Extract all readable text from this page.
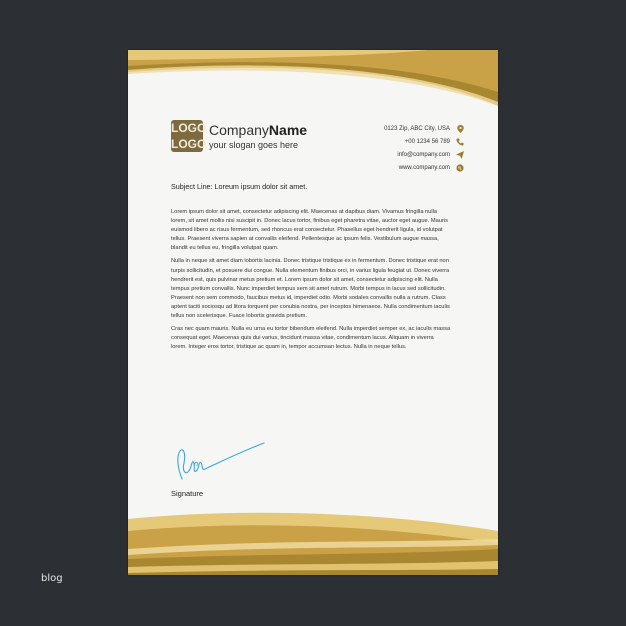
LO GO
LO GO
CompanyName
your slogan goes here
0123 Zip, ABC City, USA
+00 1234 56 789
info@company.com
www.company.com
Subject Line: Loreum ipsum dolor sit amet.

Lorem ipsum dolor sit amet, consectetur adipiscing elit. Maecenas at dapibus diam. Vivamus fringilla nulla lorem, sit amet mollis nisi suscipit in. Donec lacus tortor, finibus eget pharetra vitae, auctor eget augue. Mauris euismod libero ac risus fermentum, sed rhoncus erat consectetur. Phasellus eget hendrerit ligula, id volutpat tellus. Praesent viverra sapien at convallis eleifend. Pellentesque ac ipsum felis. Vestibulum augue massa, blandit eu tellus eu, fringilla volutpat quam.

Nulla in neque sit amet diam lobortis lacinia. Donec tristique tristique ex in fermentum. Donec tristique erat non turpis sollicitudin, et posuere dui congue. Nulla elementum finibus orci, in varius ligula feugiat ut. Donec viverra hendrerit est, quis pulvinar metus pretium et. Lorem ipsum dolor sit amet, consectetur adipiscing elit. Nulla tempus pretium convallis. Nunc imperdiet tempus sem sit amet rutrum. Morbi tempus in lacus sed sollicitudin. Praesent non sem commodo, faucibus metus id, imperdiet odio. Morbi sodales convallis nulla a rutrum. Class aptent taciti sociosqu ad litora torquent per conubia nostra, per inceptos himenaeos. Nulla condimentum iaculis tellus non scelerisque. Fuace lobortis gravida pretium.

Cras nec quam mauris. Nulla eu urna eu tortor bibendum eleifend. Nulla imperdiet semper ex, ac iaculis massa consequat eget. Maecenas quis dui varius, tincidunt massa vitae, condimentum lacus. Aliquam in viverra lorem. Integer eros tortor, tristique ac quam in, tempor accumsan lectus. Nulla in neque tellus.

Signature
blog
